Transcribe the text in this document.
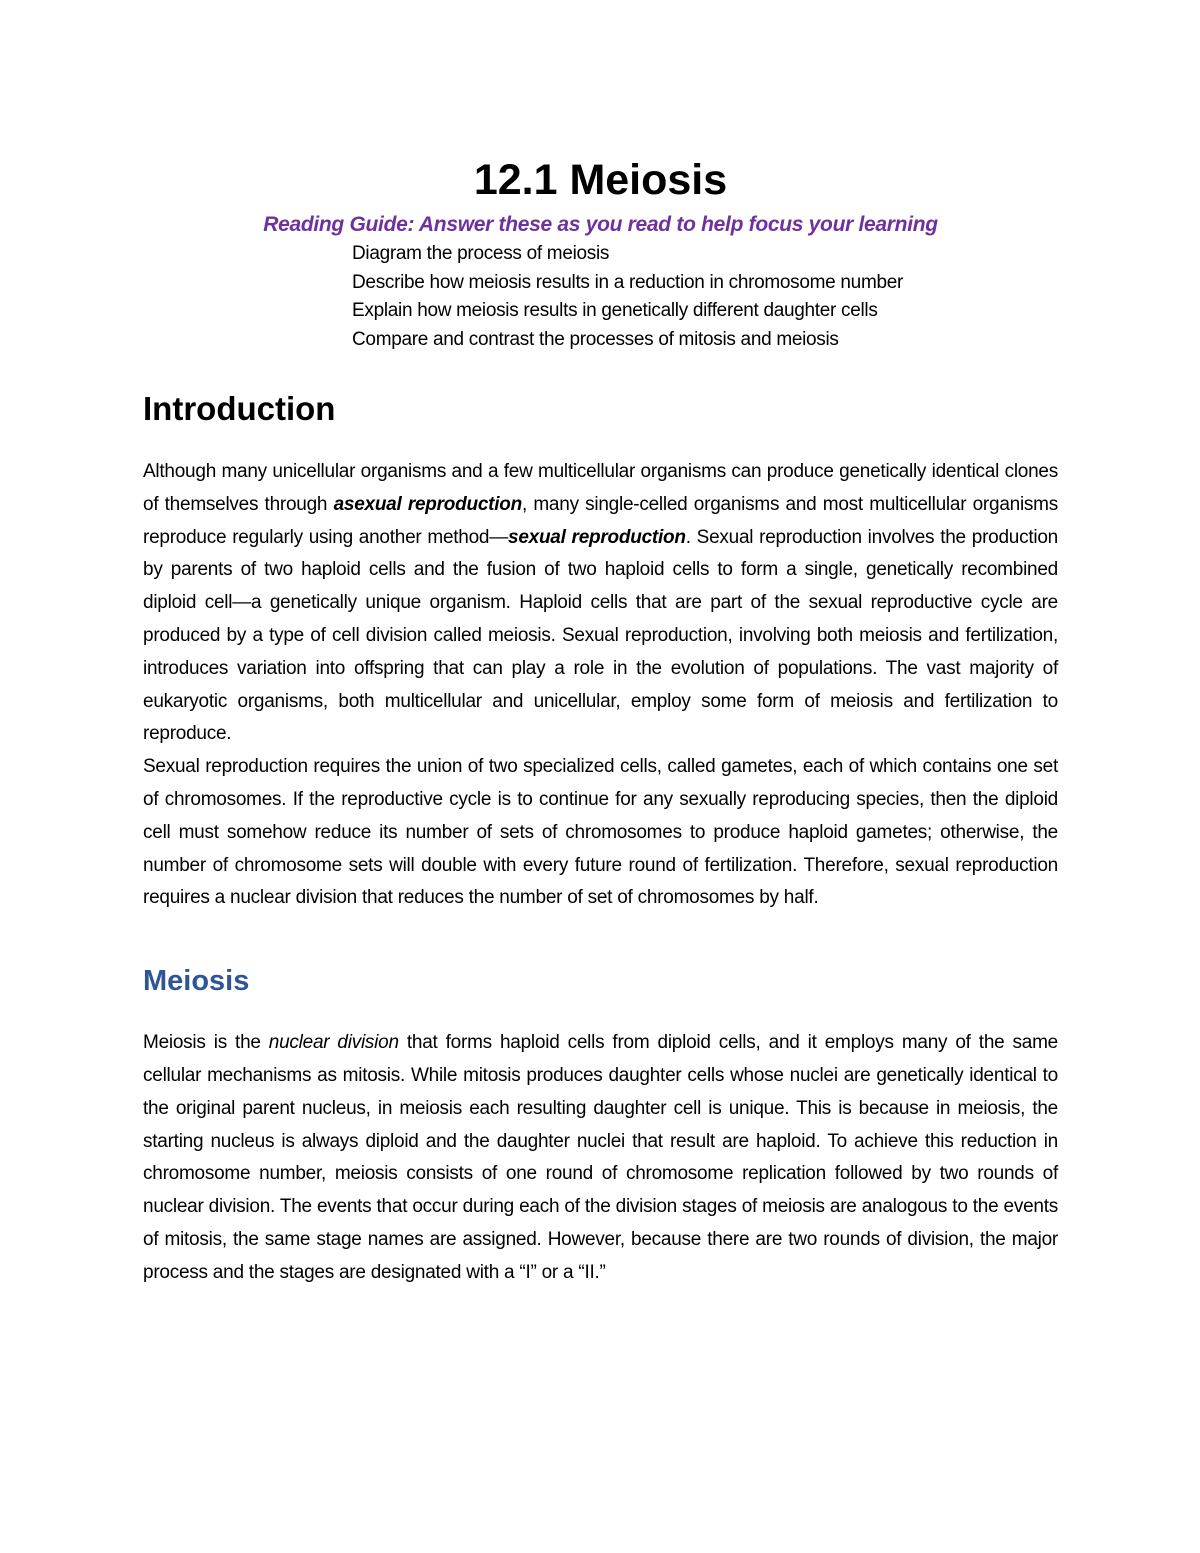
12.1 Meiosis

Reading Guide: Answer these as you read to help focus your learning

Diagram the process of meiosis
Describe how meiosis results in a reduction in chromosome number
Explain how meiosis results in genetically different daughter cells
Compare and contrast the processes of mitosis and meiosis
Introduction

Although many unicellular organisms and a few multicellular organisms can produce genetically identical clones of themselves through asexual reproduction, many single-celled organisms and most multicellular organisms reproduce regularly using another method—sexual reproduction. Sexual reproduction involves the production by parents of two haploid cells and the fusion of two haploid cells to form a single, genetically recombined diploid cell—a genetically unique organism. Haploid cells that are part of the sexual reproductive cycle are produced by a type of cell division called meiosis. Sexual reproduction, involving both meiosis and fertilization, introduces variation into offspring that can play a role in the evolution of populations. The vast majority of eukaryotic organisms, both multicellular and unicellular, employ some form of meiosis and fertilization to reproduce.

Sexual reproduction requires the union of two specialized cells, called gametes, each of which contains one set of chromosomes. If the reproductive cycle is to continue for any sexually reproducing species, then the diploid cell must somehow reduce its number of sets of chromosomes to produce haploid gametes; otherwise, the number of chromosome sets will double with every future round of fertilization. Therefore, sexual reproduction requires a nuclear division that reduces the number of set of chromosomes by half.

Meiosis

Meiosis is the nuclear division that forms haploid cells from diploid cells, and it employs many of the same cellular mechanisms as mitosis. While mitosis produces daughter cells whose nuclei are genetically identical to the original parent nucleus, in meiosis each resulting daughter cell is unique. This is because in meiosis, the starting nucleus is always diploid and the daughter nuclei that result are haploid. To achieve this reduction in chromosome number, meiosis consists of one round of chromosome replication followed by two rounds of nuclear division. The events that occur during each of the division stages of meiosis are analogous to the events of mitosis, the same stage names are assigned. However, because there are two rounds of division, the major process and the stages are designated with a “I” or a “II.”
